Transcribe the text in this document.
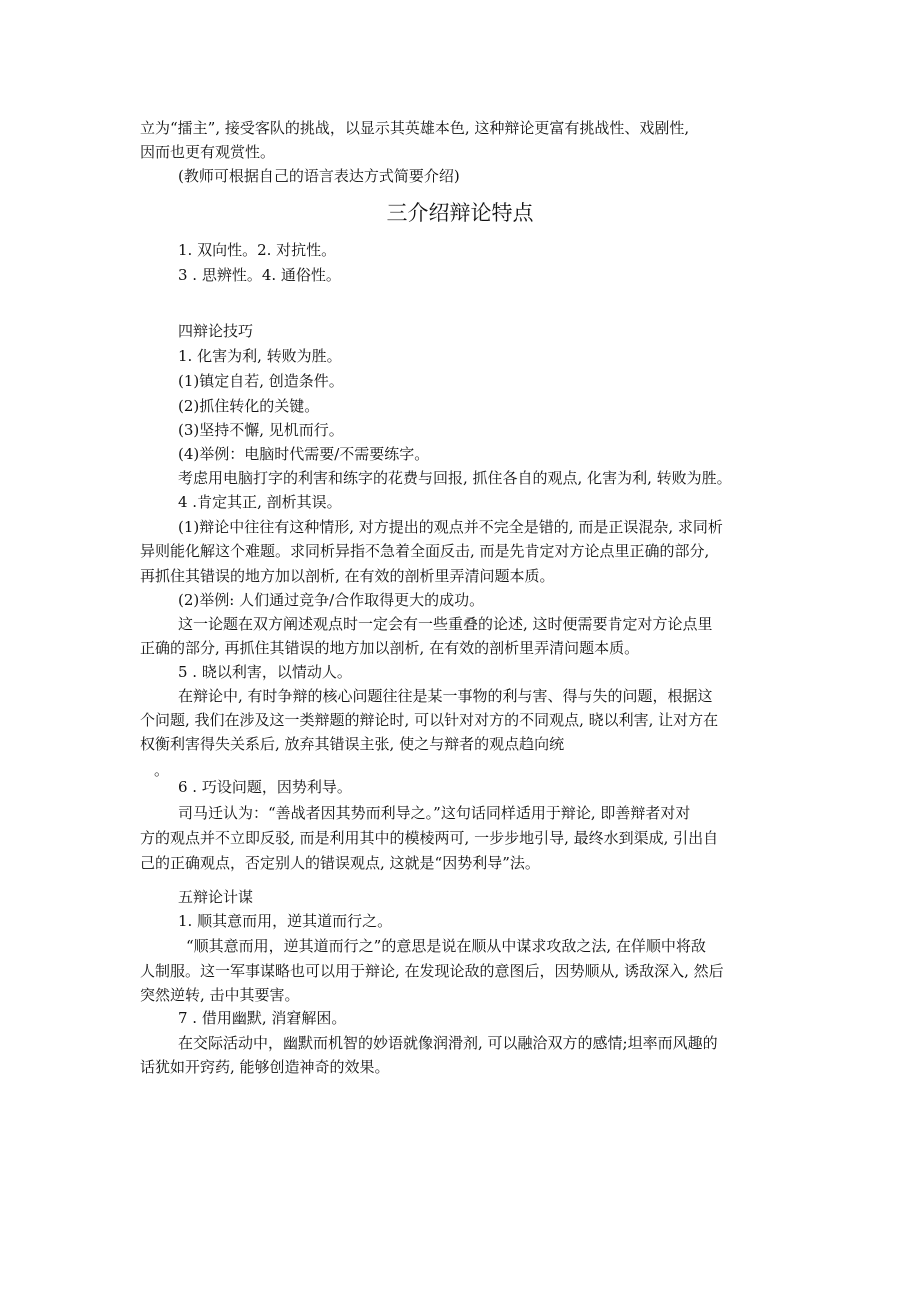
立为“擂主”, 接受客队的挑战，以显示其英雄本色, 这种辩论更富有挑战性、戏剧性,

因而也更有观赏性。

(教师可根据自己的语言表达方式简要介绍)

三介绍辩论特点

1. 双向性。2. 对抗性。

3 . 思辨性。4. 通俗性。

四辩论技巧

1. 化害为利, 转败为胜。

(1)镇定自若, 创造条件。

(2)抓住转化的关键。

(3)坚持不懈, 见机而行。

(4)举例：电脑时代需要/不需要练字。

考虑用电脑打字的利害和练字的花费与回报, 抓住各自的观点, 化害为利, 转败为胜。

4 .肯定其正, 剖析其误。

(1)辩论中往往有这种情形, 对方提出的观点并不完全是错的, 而是正误混杂, 求同析

异则能化解这个难题。求同析异指不急着全面反击, 而是先肯定对方论点里正确的部分,

再抓住其错误的地方加以剖析, 在有效的剖析里弄清问题本质。

(2)举例: 人们通过竞争/合作取得更大的成功。

这一论题在双方阐述观点时一定会有一些重叠的论述, 这时便需要肯定对方论点里

正确的部分, 再抓住其错误的地方加以剖析, 在有效的剖析里弄清问题本质。

5 . 晓以利害，以情动人。

在辩论中, 有时争辩的核心问题往往是某一事物的利与害、得与失的问题，根据这

个问题, 我们在涉及这一类辩题的辩论时, 可以针对对方的不同观点, 晓以利害, 让对方在

权衡利害得失关系后, 放弃其错误主张, 使之与辩者的观点趋向统

。

6 . 巧设问题，因势利导。

司马迁认为：“善战者因其势而利导之。”这句话同样适用于辩论, 即善辩者对对

方的观点并不立即反驳, 而是利用其中的模棱两可, 一步步地引导, 最终水到渠成, 引出自

己的正确观点，否定别人的错误观点, 这就是“因势利导”法。

五辩论计谋

1. 顺其意而用，逆其道而行之。

“顺其意而用，逆其道而行之”的意思是说在顺从中谋求攻敌之法, 在佯顺中将敌

人制服。这一军事谋略也可以用于辩论, 在发现论敌的意图后，因势顺从, 诱敌深入, 然后

突然逆转, 击中其要害。

7 . 借用幽默, 消窘解困。

在交际活动中，幽默而机智的妙语就像润滑剂, 可以融洽双方的感情;坦率而风趣的

话犹如开窍药, 能够创造神奇的效果。
